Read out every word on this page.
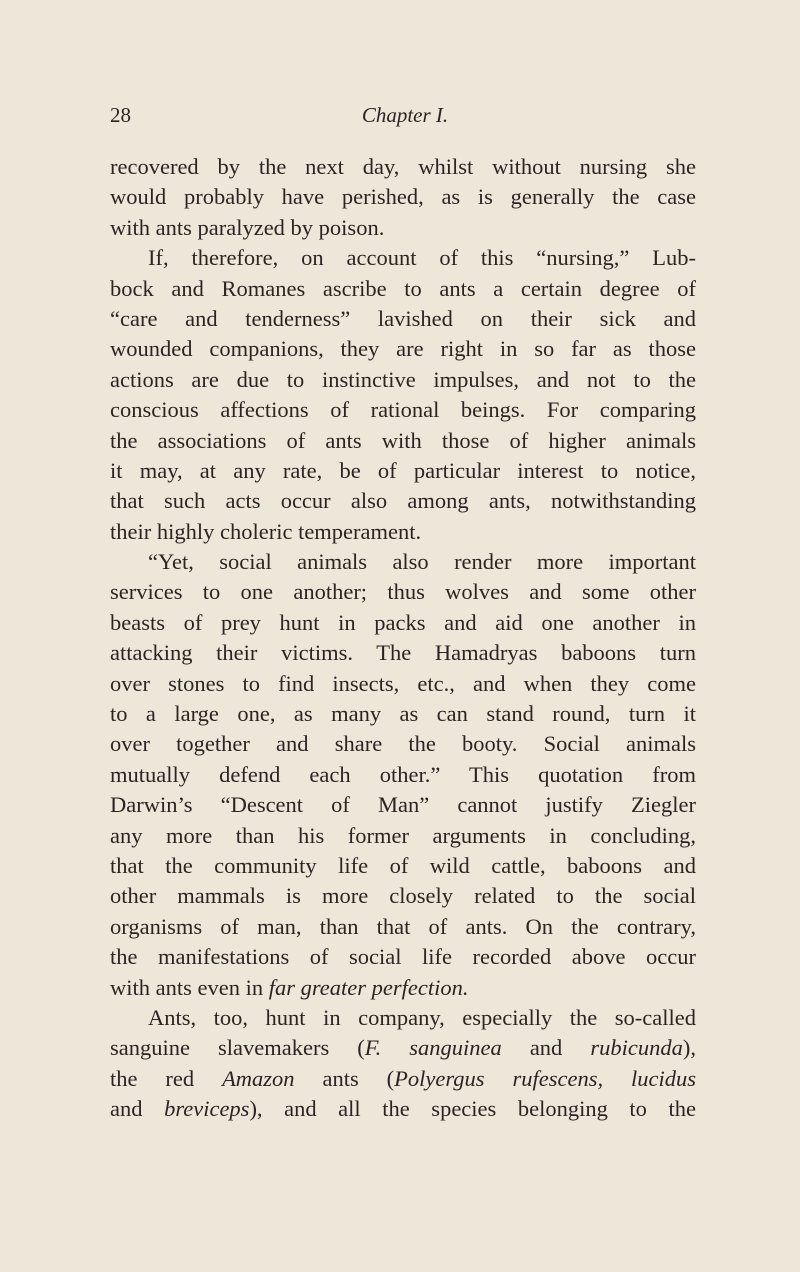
28	Chapter I.
recovered by the next day, whilst without nursing she
would probably have perished, as is generally the case
with ants paralyzed by poison.
If, therefore, on account of this “nursing,” Lub-
bock and Romanes ascribe to ants a certain degree of
“care and tenderness” lavished on their sick and
wounded companions, they are right in so far as those
actions are due to instinctive impulses, and not to the
conscious affections of rational beings. For comparing
the associations of ants with those of higher animals
it may, at any rate, be of particular interest to notice,
that such acts occur also among ants, notwithstanding
their highly choleric temperament.
“Yet, social animals also render more important
services to one another; thus wolves and some other
beasts of prey hunt in packs and aid one another in
attacking their victims. The Hamadryas baboons turn
over stones to find insects, etc., and when they come
to a large one, as many as can stand round, turn it
over together and share the booty. Social animals
mutually defend each other.” This quotation from
Darwin’s “Descent of Man” cannot justify Ziegler
any more than his former arguments in concluding,
that the community life of wild cattle, baboons and
other mammals is more closely related to the social
organisms of man, than that of ants. On the contrary,
the manifestations of social life recorded above occur
with ants even in far greater perfection.
Ants, too, hunt in company, especially the so-called
sanguine slavemakers (F. sanguinea and rubicunda),
the red Amazon ants (Polyergus rufescens, lucidus
and breviceps), and all the species belonging to the
